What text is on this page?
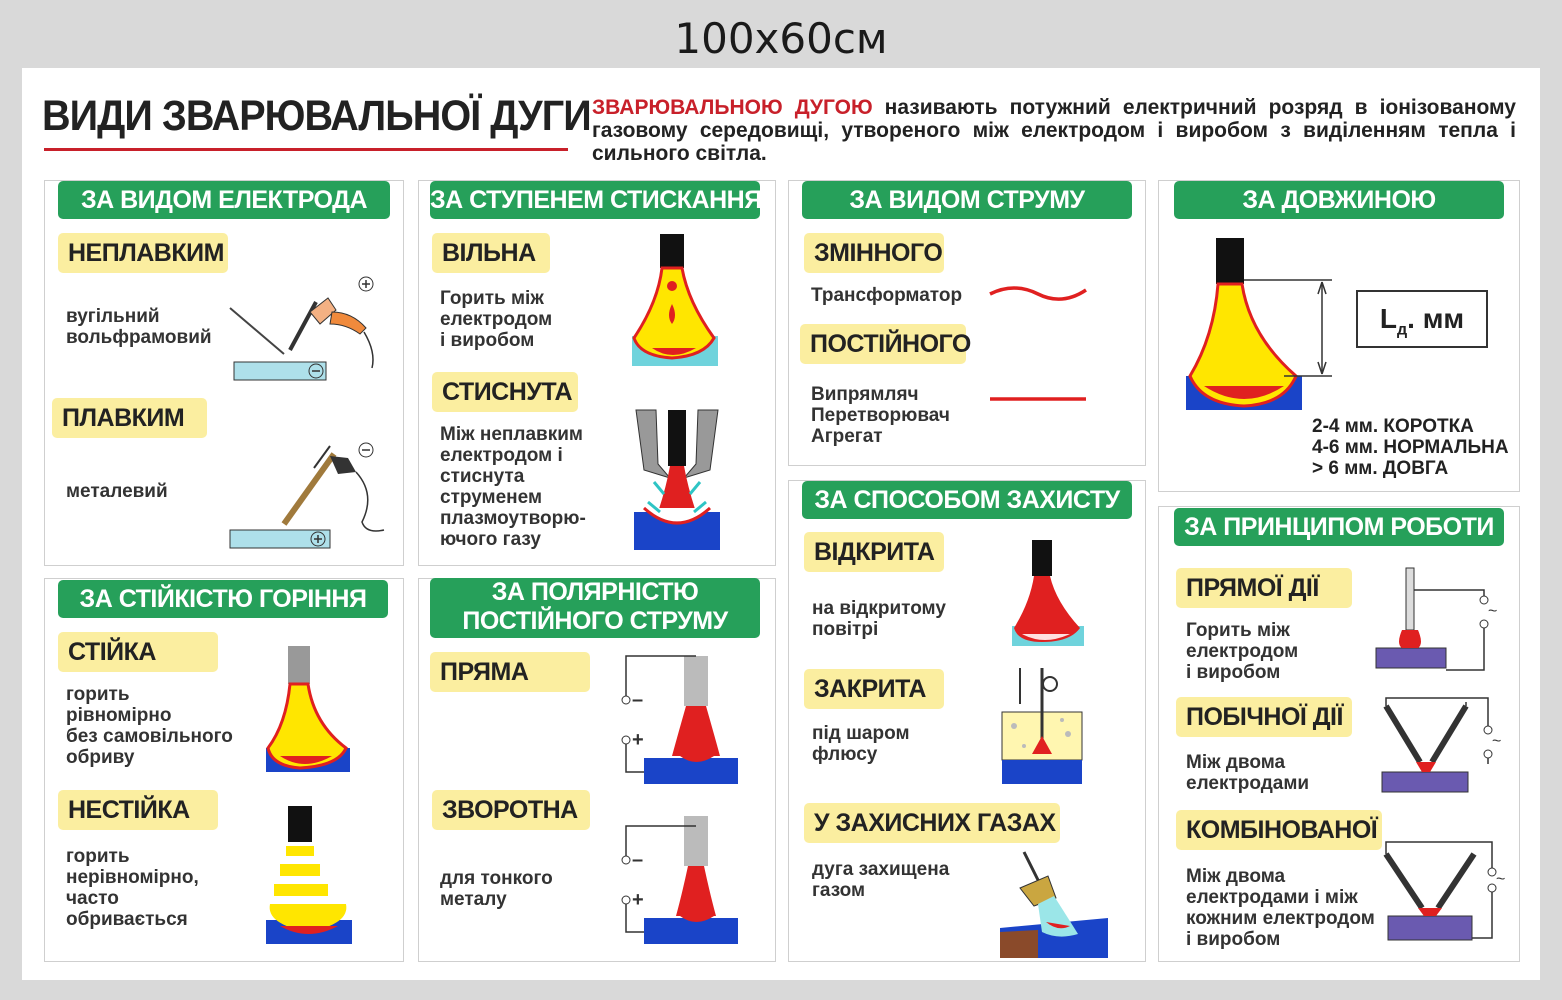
100х60см
ВИДИ ЗВАРЮВАЛЬНОЇ ДУГИ ЗВАРЮВАЛЬНОЮ ДУГОЮ називають потужний електричний розряд в іонізованому газовому середовищі, утвореного між електродом і виробом з виділенням тепла і сильного світла.
ЗА ВИДОМ ЕЛЕКТРОДА
НЕПЛАВКИМ
вугільний
вольфрамовий
ПЛАВКИМ
металевий
ЗА СТУПЕНЕМ СТИСКАННЯ
ВІЛЬНА
Горить між
електродом
і виробом
СТИСНУТА
Між неплавким
електродом і
стиснута
струменем
плазмоутворю-
ючого газу
ЗА ВИДОМ СТРУМУ
ЗМІННОГО
Трансформатор
ПОСТІЙНОГО
Випрямляч
Перетворювач
Агрегат
ЗА ДОВЖИНОЮ
$L_д$. мм
2-4 мм. КОРОТКА
4-6 мм. НОРМАЛЬНА
> 6 мм. ДОВГА
ЗА СТІЙКІСТЮ ГОРІННЯ
СТІЙКА
горить
рівномірно
без самовільного
обриву
НЕСТІЙКА
горить
нерівномірно,
часто
обривається
ЗА ПОЛЯРНІСТЮ
ПОСТІЙНОГО СТРУМУ
ПРЯМА
–
+
ЗВОРОТНА
для тонкого
металу
–
+
ЗА СПОСОБОМ ЗАХИСТУ
ВІДКРИТА
на відкритому
повітрі
ЗАКРИТА
під шаром
флюсу
У ЗАХИСНИХ ГАЗАХ
дуга захищена
газом
ЗА ПРИНЦИПОМ РОБОТИ
ПРЯМОЇ ДІЇ
Горить між
електродом
і виробом
~
ПОБІЧНОЇ ДІЇ
Між двома
електродами
~
КОМБІНОВАНОЇ
Між двома
електродами і між
кожним електродом
і виробом
~
